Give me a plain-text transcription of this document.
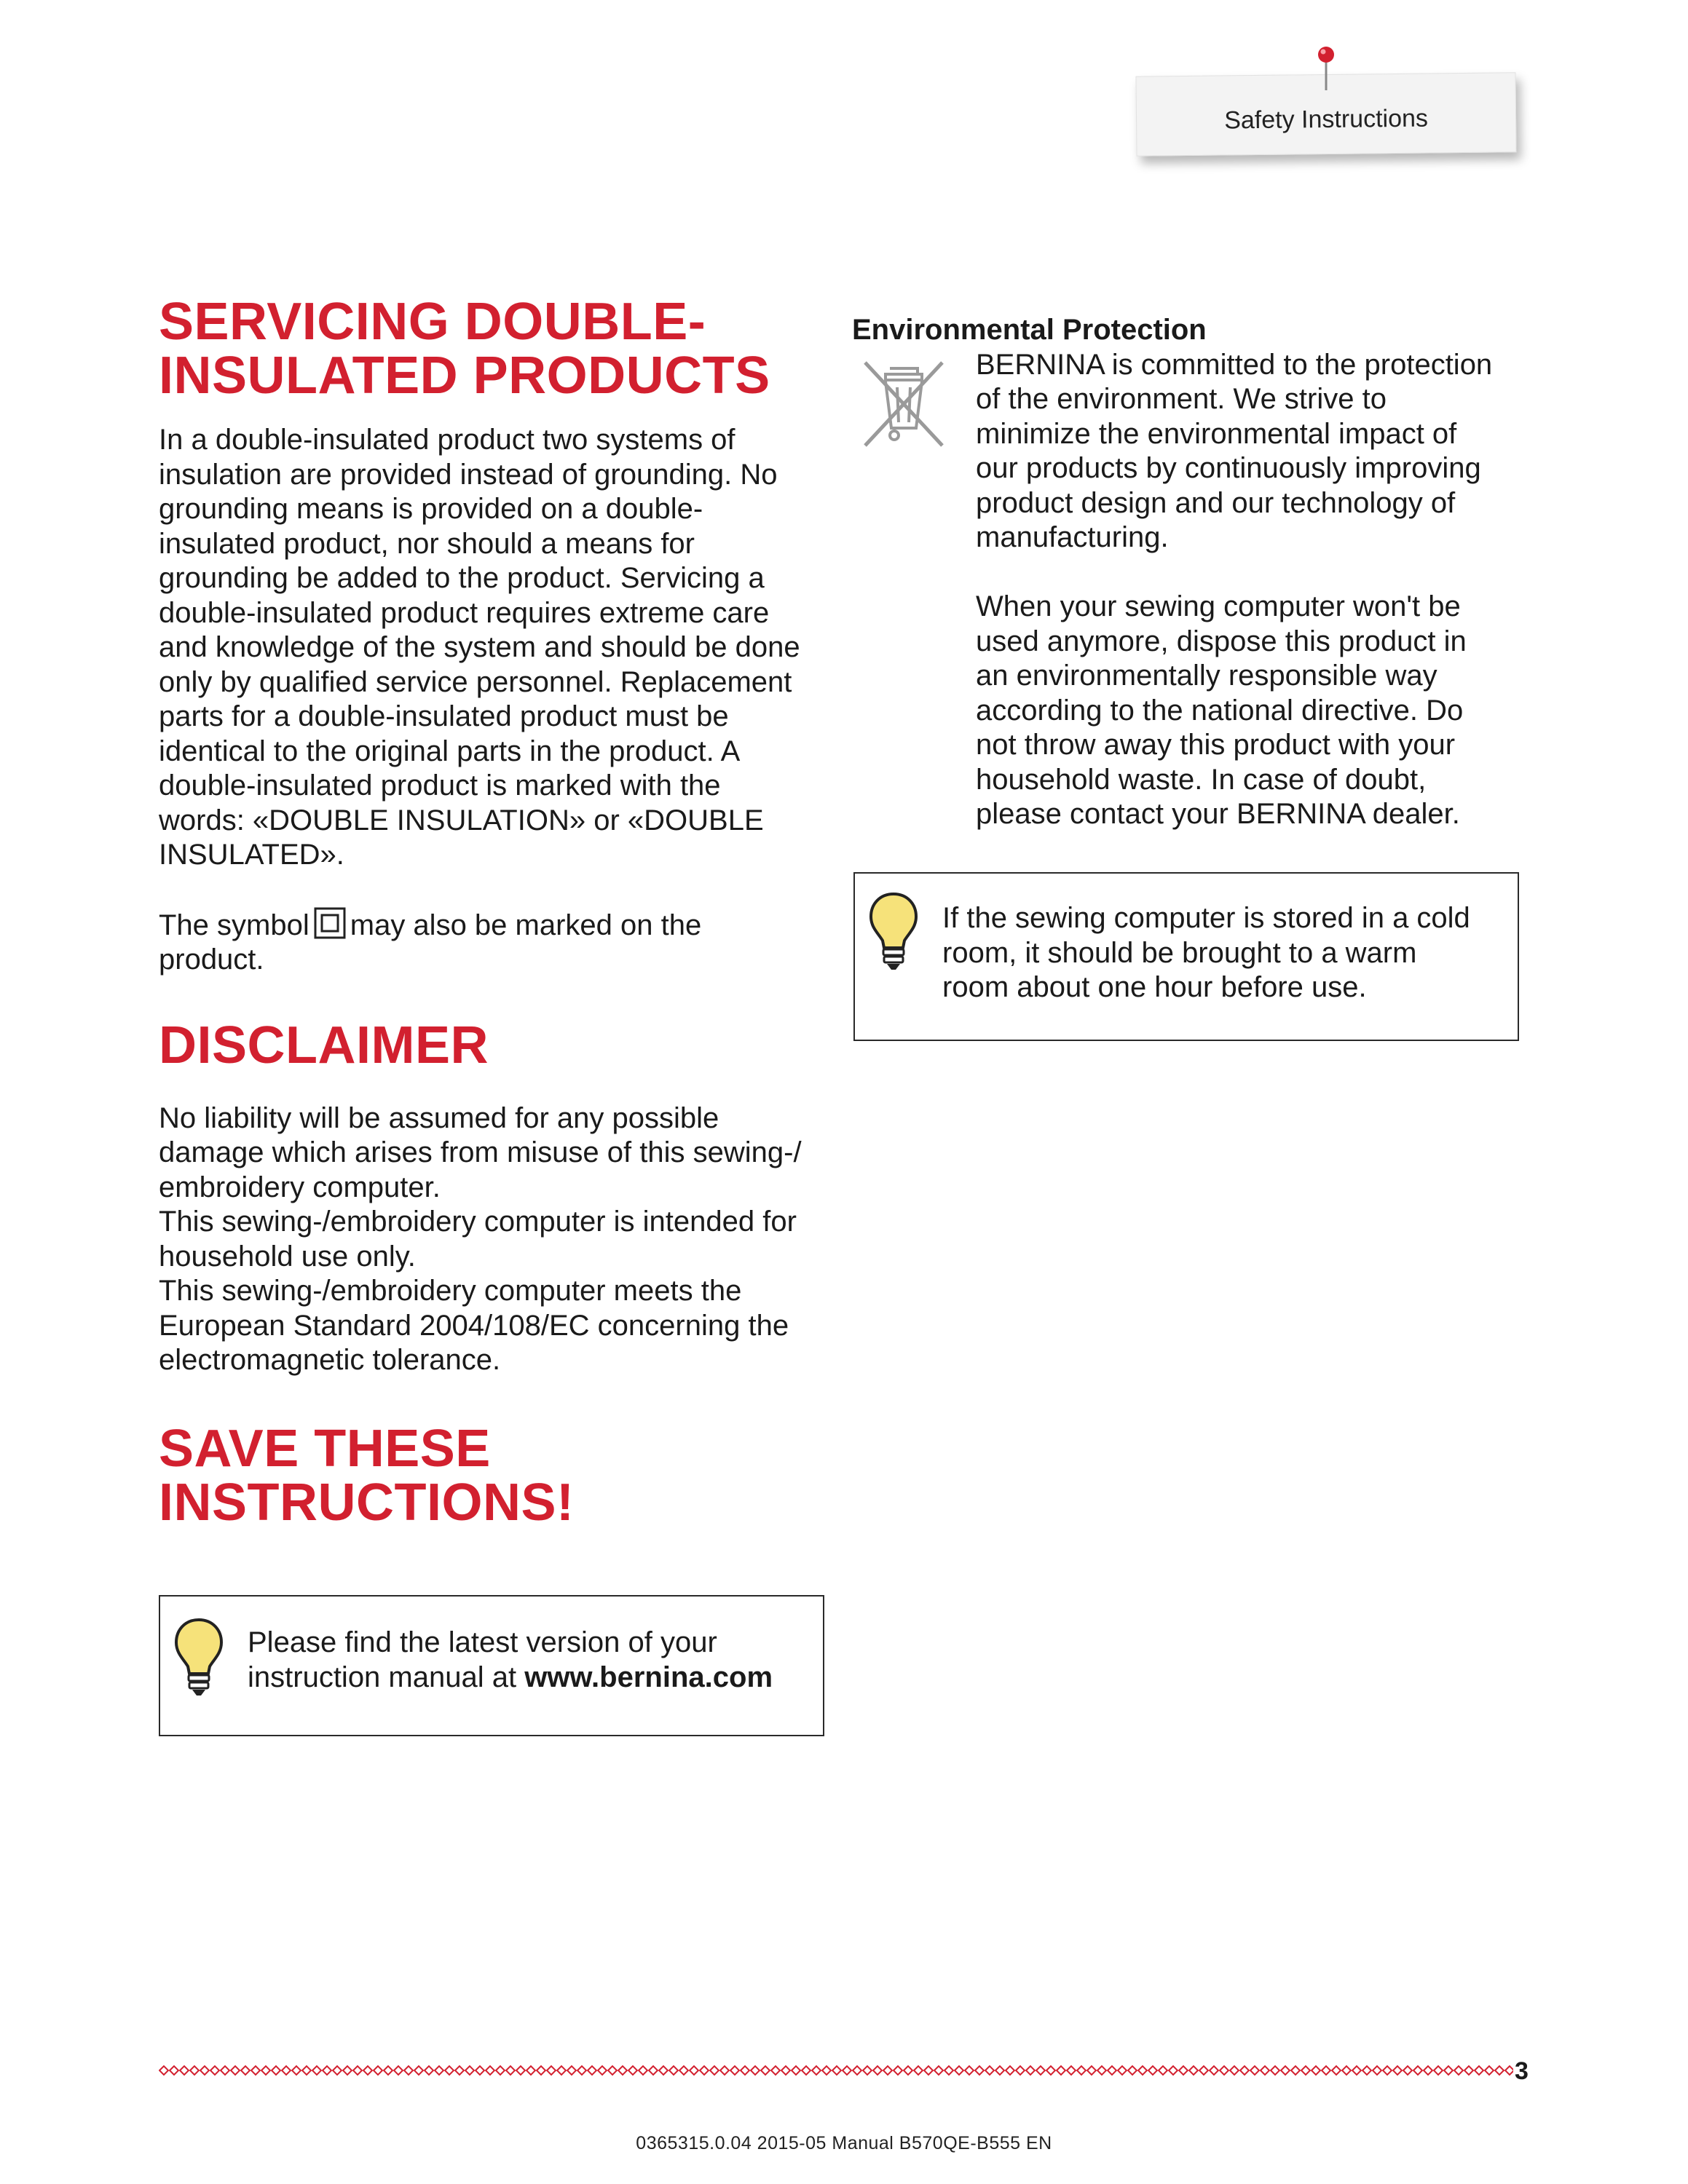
Safety Instructions
SERVICING DOUBLE-
INSULATED PRODUCTS
In a double-insulated product two systems of
insulation are provided instead of grounding. No
grounding means is provided on a double-
insulated product, nor should a means for
grounding be added to the product. Servicing a
double-insulated product requires extreme care
and knowledge of the system and should be done
only by qualified service personnel. Replacement
parts for a double-insulated product must be
identical to the original parts in the product. A
double-insulated product is marked with the
words: «DOUBLE INSULATION» or «DOUBLE
INSULATED».
The symbol may also be marked on the
product.
DISCLAIMER
No liability will be assumed for any possible
damage which arises from misuse of this sewing-/
embroidery computer.
This sewing-/embroidery computer is intended for
household use only.
This sewing-/embroidery computer meets the
European Standard 2004/108/EC concerning the
electromagnetic tolerance.
SAVE THESE
INSTRUCTIONS!
Please find the latest version of your
instruction manual at www.bernina.com
Environmental Protection
BERNINA is committed to the protection
of the environment. We strive to
minimize the environmental impact of
our products by continuously improving
product design and our technology of
manufacturing.
When your sewing computer won't be
used anymore, dispose this product in
an environmentally responsible way
according to the national directive. Do
not throw away this product with your
household waste. In case of doubt,
please contact your BERNINA dealer.
If the sewing computer is stored in a cold
room, it should be brought to a warm
room about one hour before use.
3
0365315.0.04 2015-05 Manual B570QE-B555 EN
